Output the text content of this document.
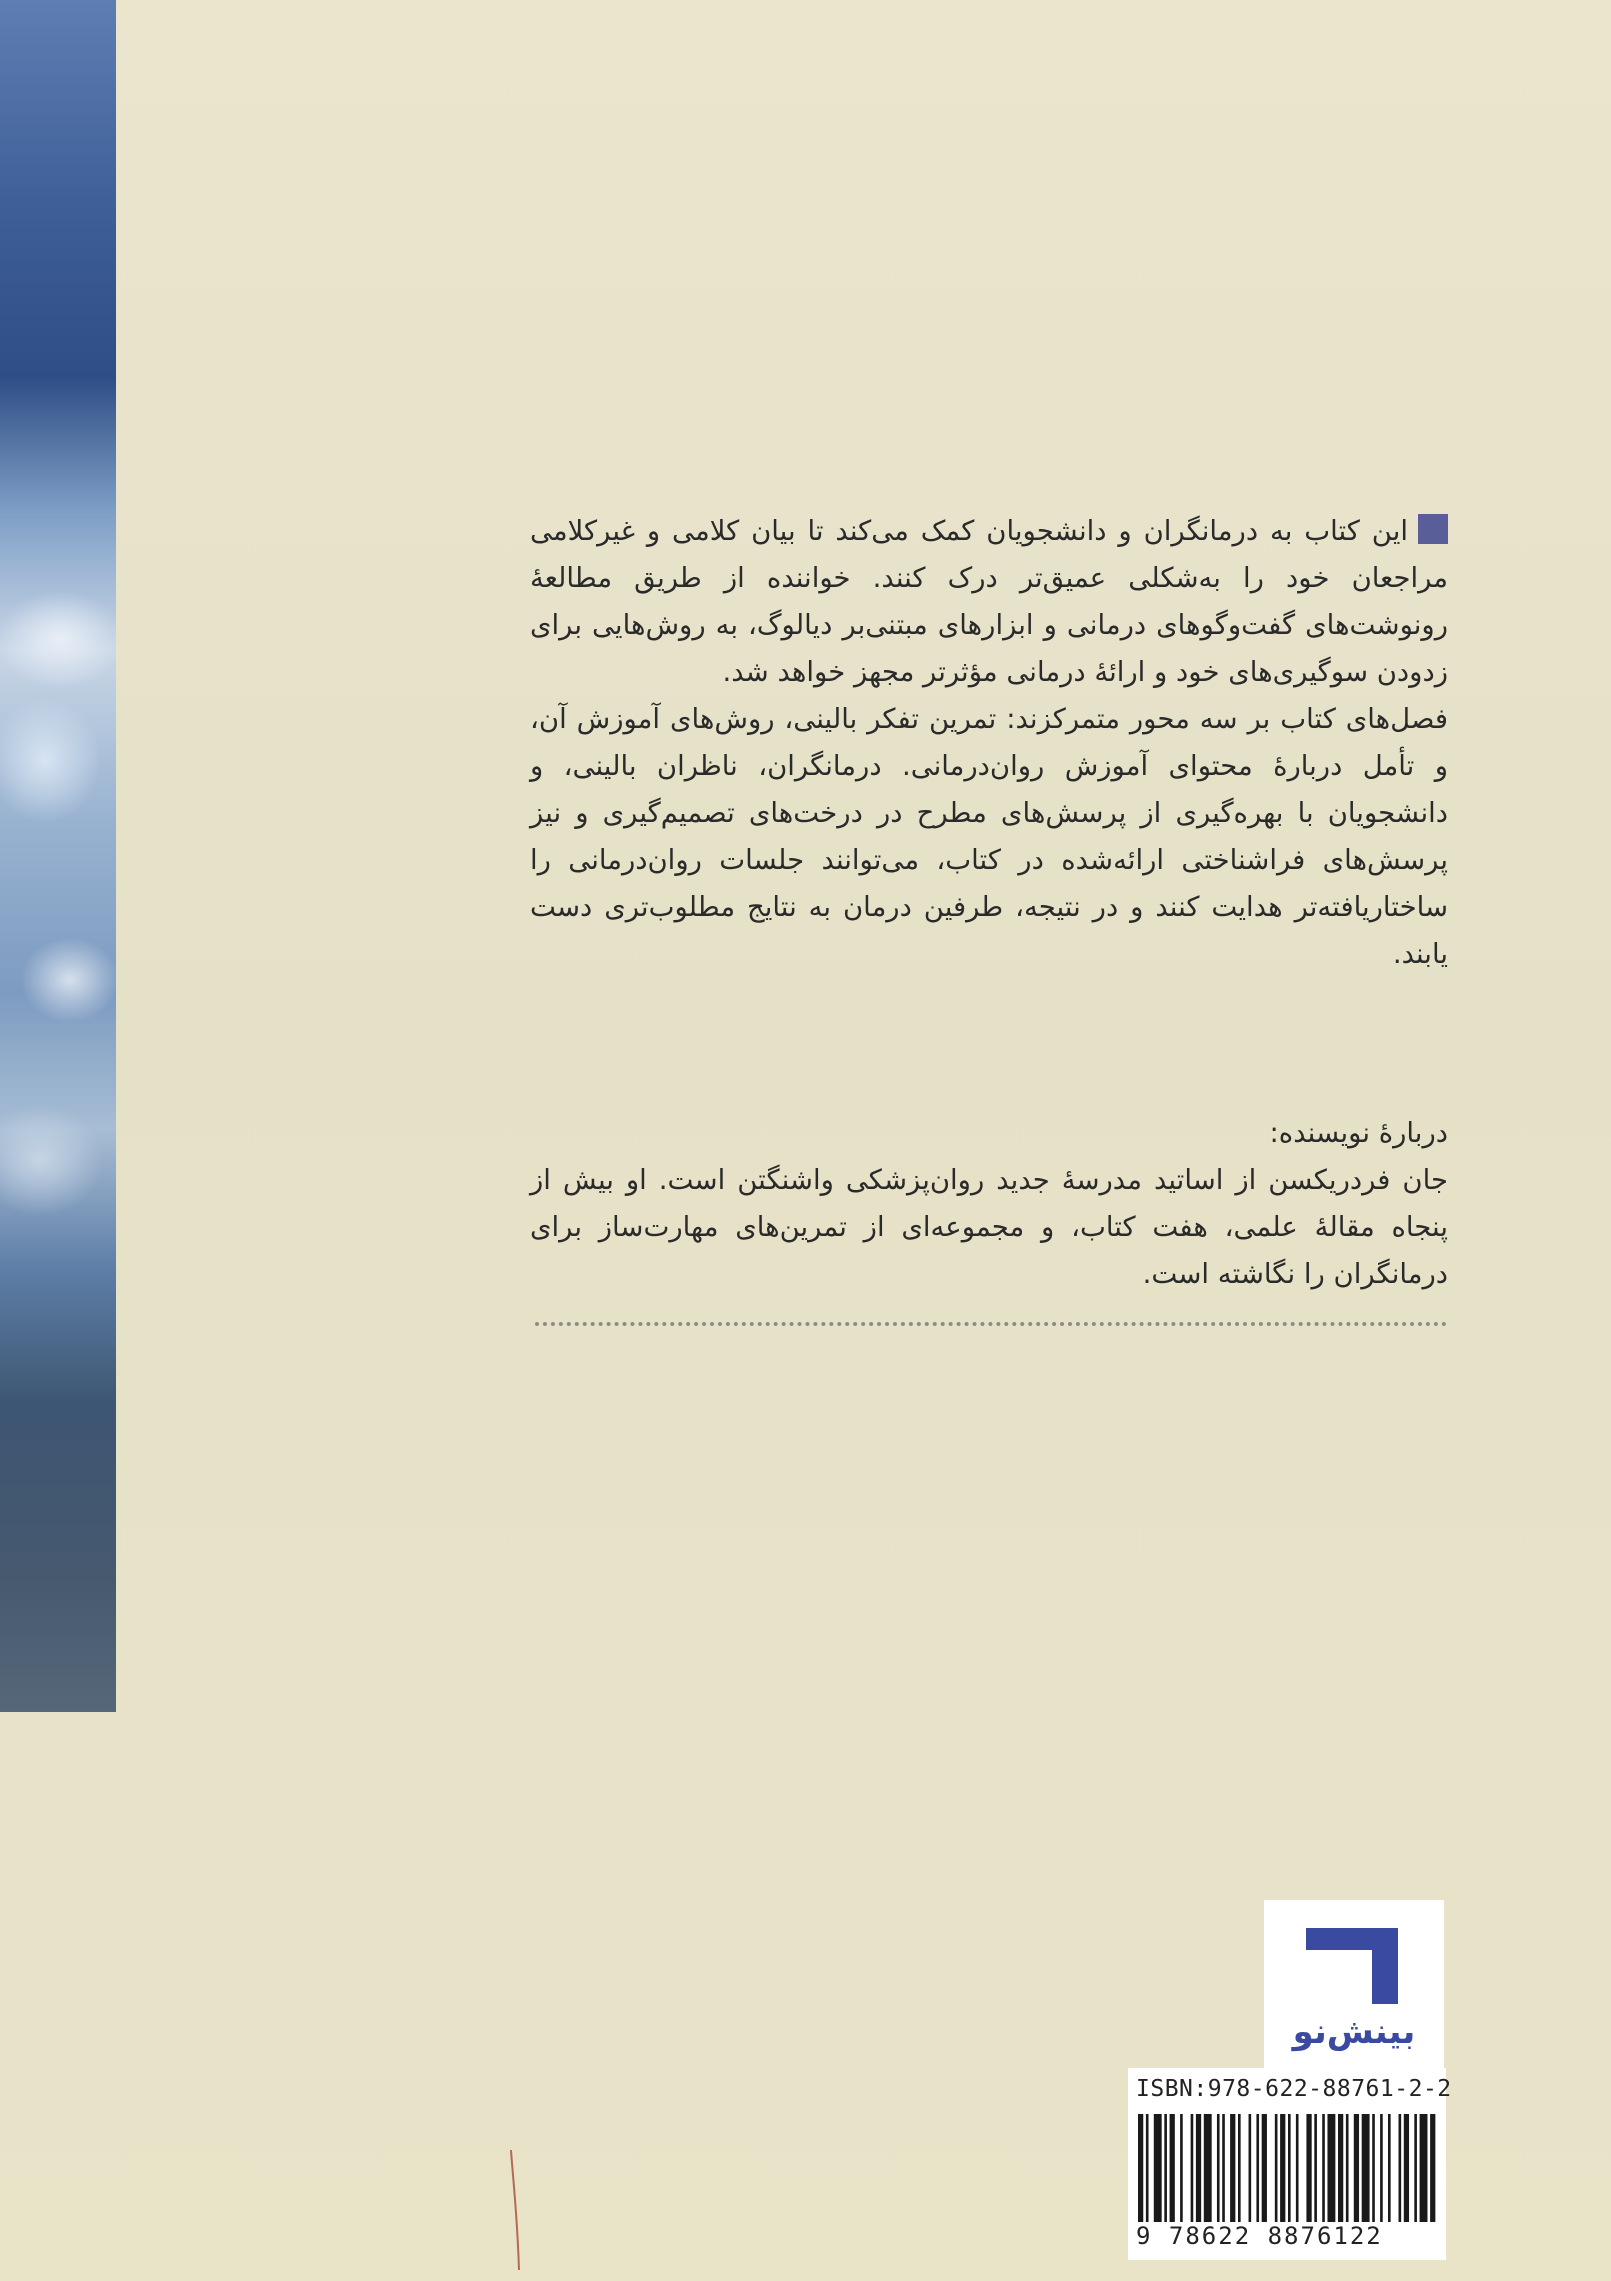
این کتاب به درمانگران و دانشجویان کمک می‌کند تا بیان کلامی و غیرکلامی مراجعان خود را به‌شکلی عمیق‌تر درک کنند. خواننده از طریق مطالعهٔ رونوشت‌های گفت‌وگوهای درمانی و ابزارهای مبتنی‌بر دیالوگ، به روش‌هایی برای زدودن سوگیری‌های خود و ارائهٔ درمانی مؤثرتر مجهز خواهد شد.

فصل‌های کتاب بر سه محور متمرکزند: تمرین تفکر بالینی، روش‌های آموزش آن، و تأمل دربارهٔ محتوای آموزش روان‌درمانی. درمانگران، ناظران بالینی، و دانشجویان با بهره‌گیری از پرسش‌های مطرح در درخت‌های تصمیم‌گیری و نیز پرسش‌های فراشناختی ارائه‌شده در کتاب، می‌توانند جلسات روان‌درمانی را ساختاریافته‌تر هدایت کنند و در نتیجه، طرفین درمان به نتایج مطلوب‌تری دست یابند.

دربارهٔ نویسنده:

جان فردریکسن از اساتید مدرسهٔ جدید روان‌پزشکی واشنگتن است. او بیش از پنجاه مقالهٔ علمی، هفت کتاب، و مجموعه‌ای از تمرین‌های مهارت‌ساز برای درمانگران را نگاشته است.

بینش‌نو
ISBN:978-622-88761-2-2
9 78622 8876122
